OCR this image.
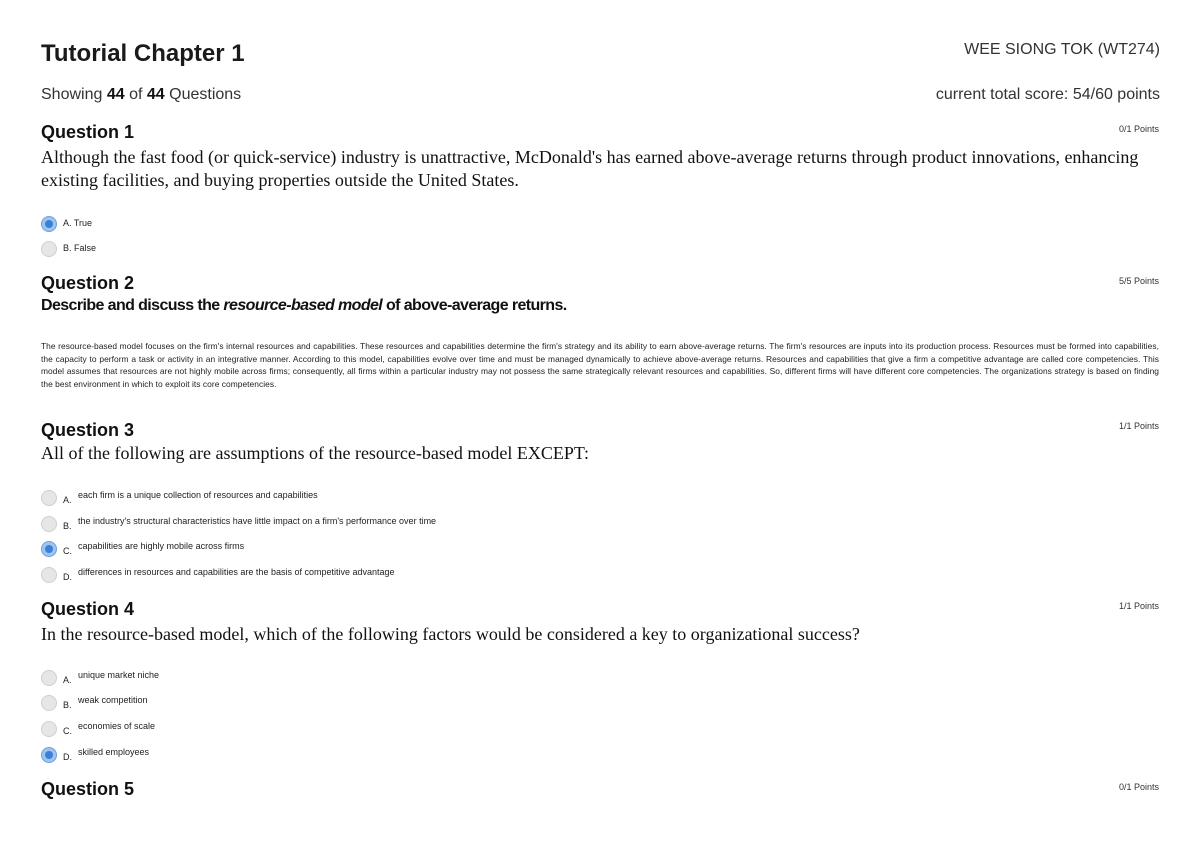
Tutorial Chapter 1	WEE SIONG TOK (WT274)
Showing 44 of 44 Questions	current total score: 54/60 points
Question 1	0/1 Points
Although the fast food (or quick-service) industry is unattractive, McDonald's has earned above-average returns through product innovations, enhancing existing facilities, and buying properties outside the United States.
A. True
B. False
Question 2	5/5 Points
Describe and discuss the resource-based model of above-average returns.
The resource-based model focuses on the firm's internal resources and capabilities. These resources and capabilities determine the firm's strategy and its ability to earn above-average returns. The firm's resources are inputs into its production process. Resources must be formed into capabilities, the capacity to perform a task or activity in an integrative manner. According to this model, capabilities evolve over time and must be managed dynamically to achieve above-average returns. Resources and capabilities that give a firm a competitive advantage are called core competencies. This model assumes that resources are not highly mobile across firms; consequently, all firms within a particular industry may not possess the same strategically relevant resources and capabilities. So, different firms will have different core competencies. The organizations strategy is based on finding the best environment in which to exploit its core competencies.
Question 3	1/1 Points
All of the following are assumptions of the resource-based model EXCEPT:
A. each firm is a unique collection of resources and capabilities
B. the industry's structural characteristics have little impact on a firm's performance over time
C. capabilities are highly mobile across firms
D. differences in resources and capabilities are the basis of competitive advantage
Question 4	1/1 Points
In the resource-based model, which of the following factors would be considered a key to organizational success?
A. unique market niche
B. weak competition
C. economies of scale
D. skilled employees
Question 5	0/1 Points
